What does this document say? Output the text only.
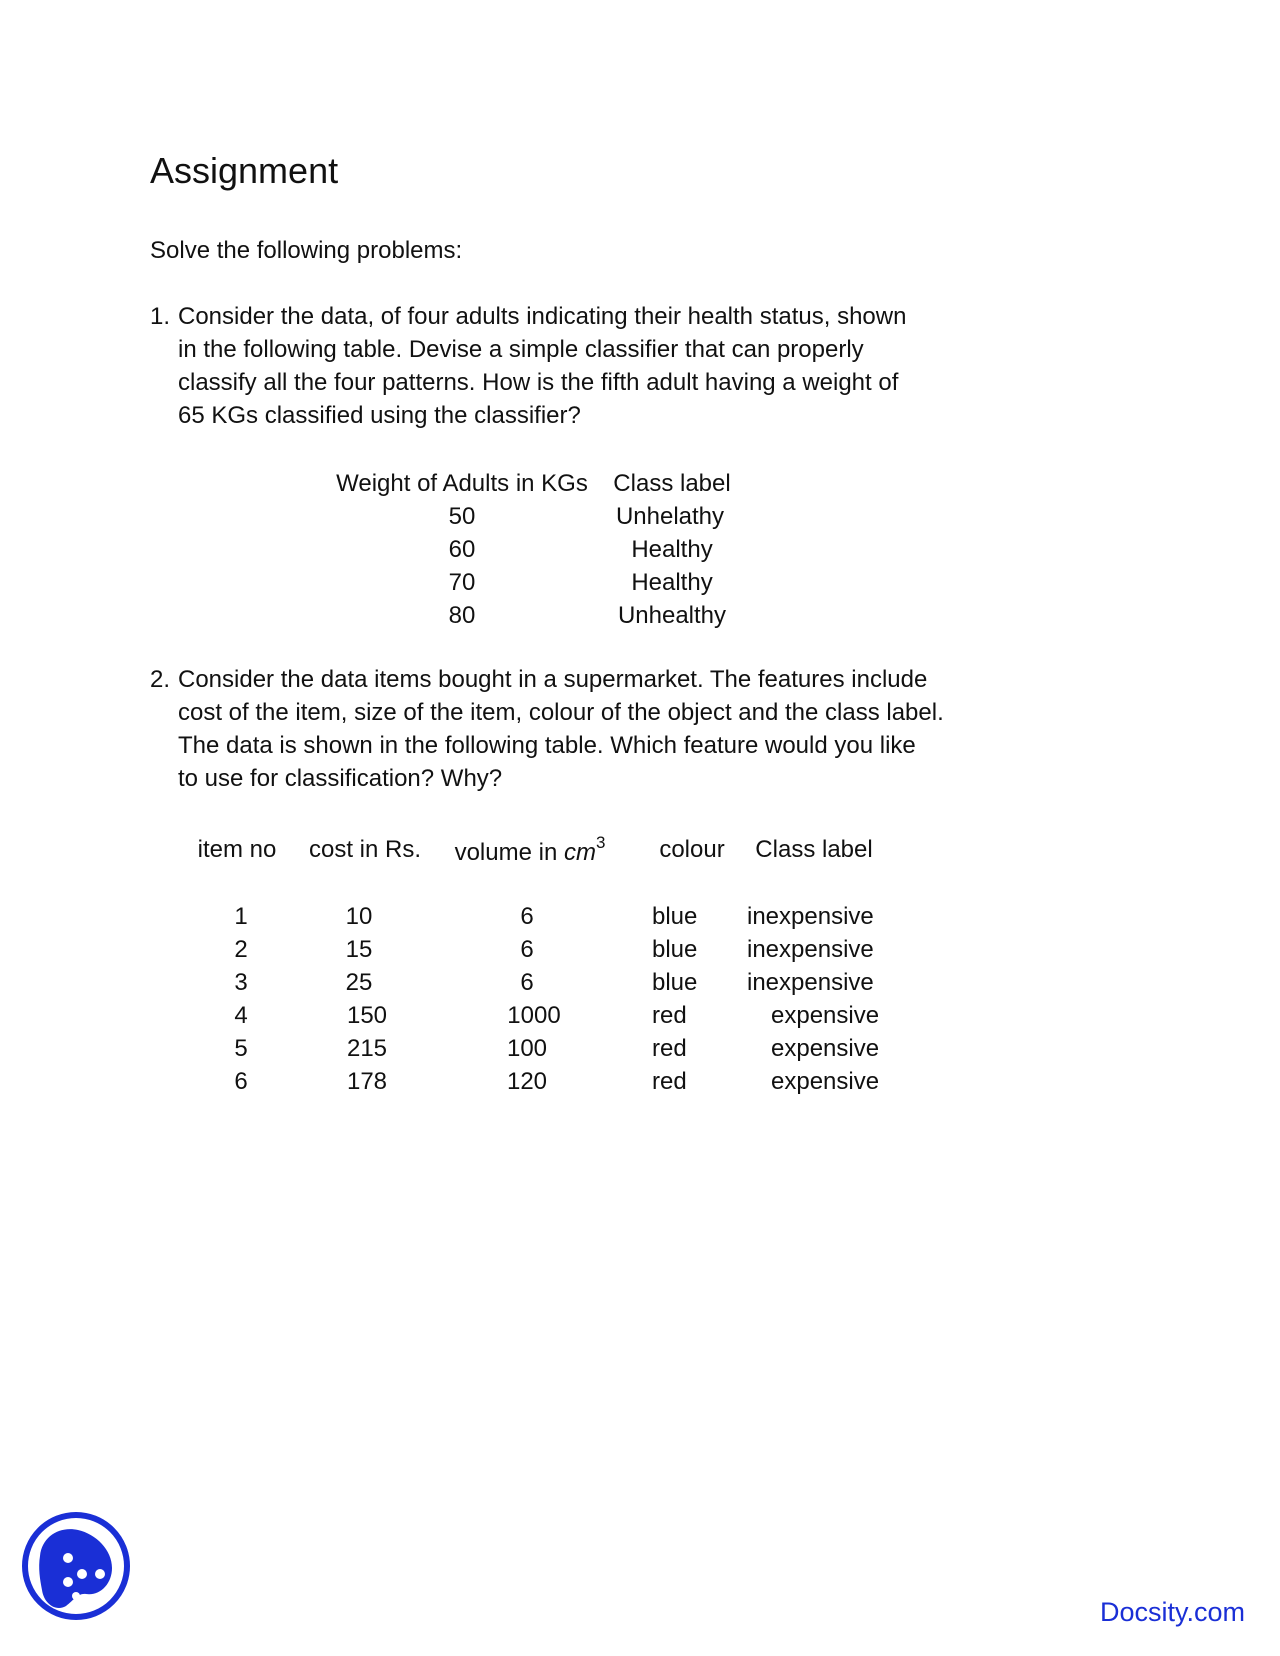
Assignment
Solve the following problems:
1. Consider the data, of four adults indicating their health status, shown
in the following table. Devise a simple classifier that can properly
classify all the four patterns. How is the fifth adult having a weight of
65 KGs classified using the classifier?
Weight of Adults in KGs Class label
50	Unhelathy
60	Healthy
70	Healthy
80	Unhealthy
2. Consider the data items bought in a supermarket. The features include
cost of the item, size of the item, colour of the object and the class label.
The data is shown in the following table. Which feature would you like
to use for classification? Why?
item no cost in Rs. volume in $cm^3$ colour Class label
1	10	6	blue inexpensive
2	15	6	blue inexpensive
3	25	6	blue inexpensive
4	150	1000	red	expensive
5	215	100	red	expensive
6	178	120	red	expensive
Docsity.com
